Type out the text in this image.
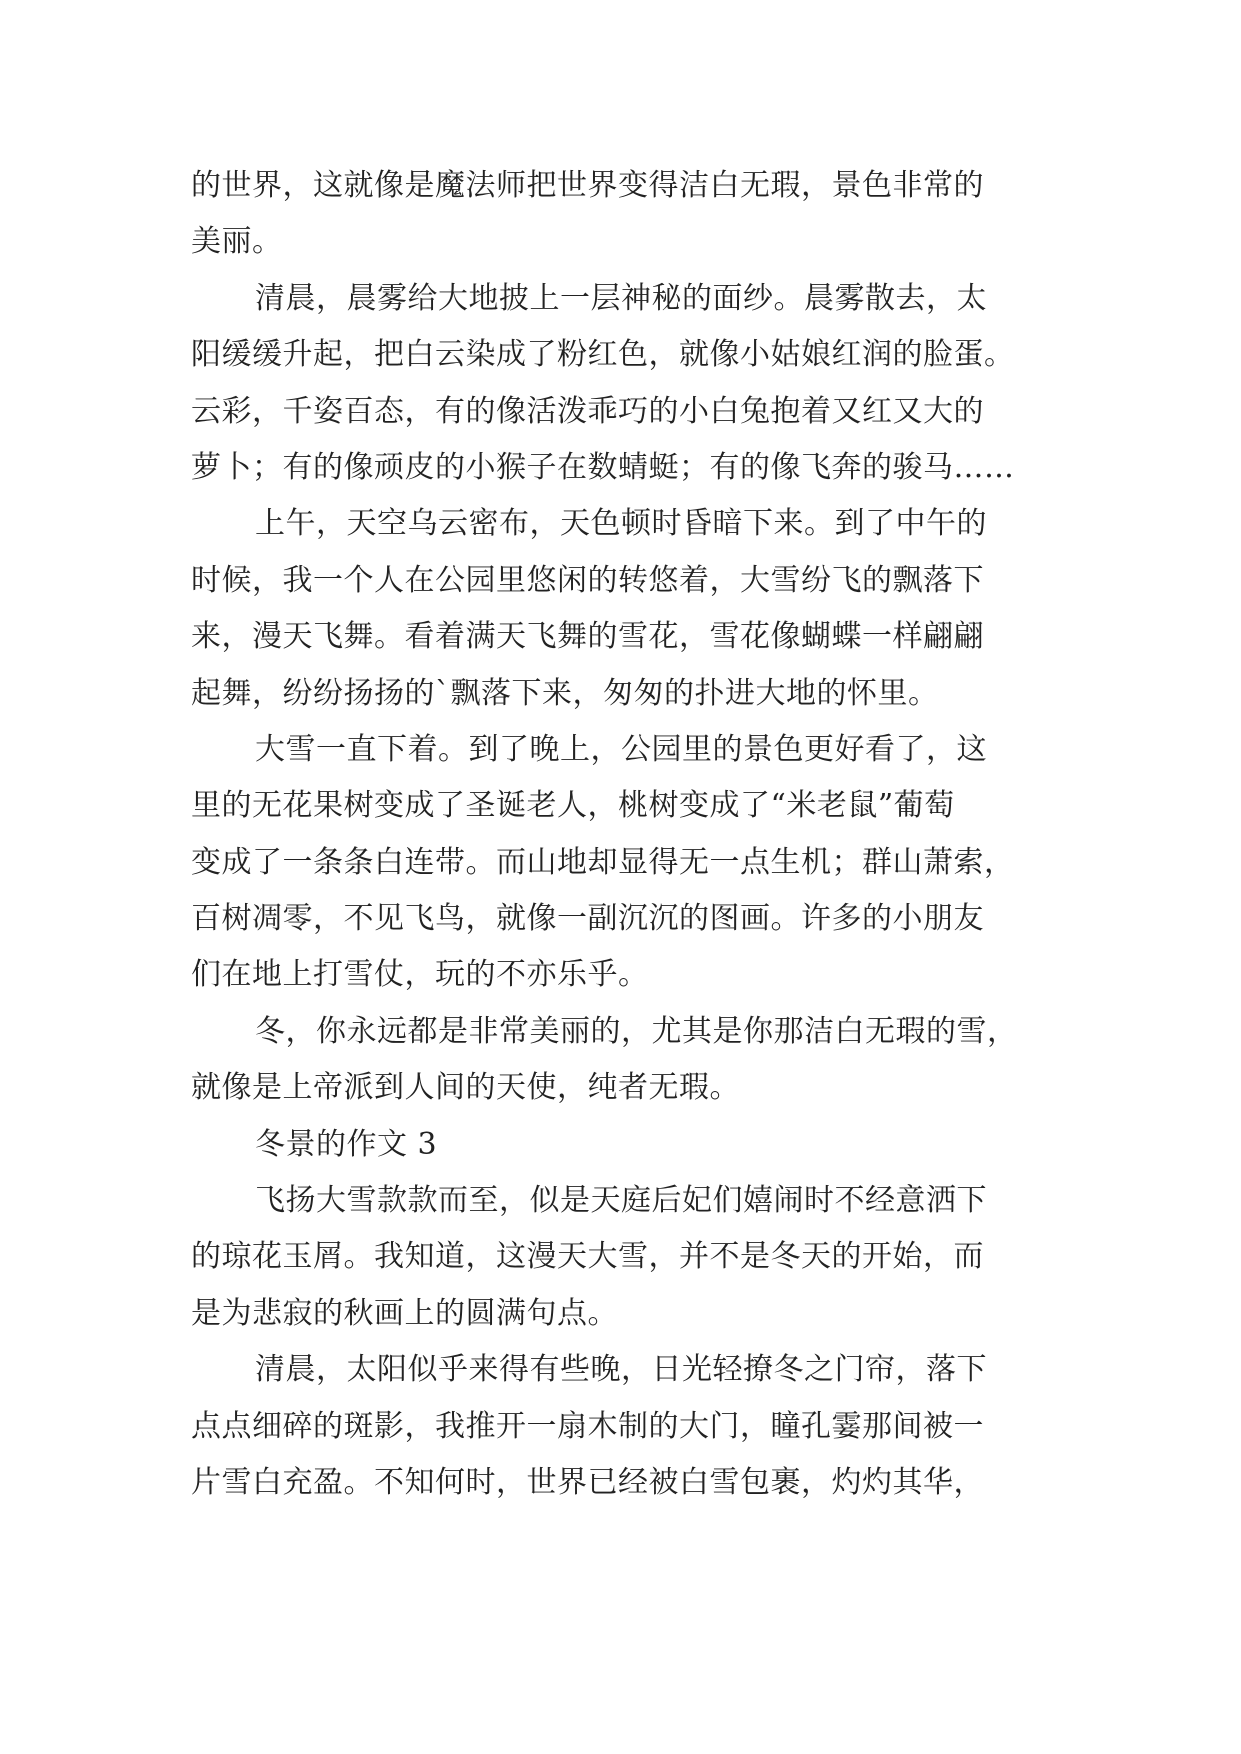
的世界，这就像是魔法师把世界变得洁白无瑕，景色非常的
美丽。
清晨，晨雾给大地披上一层神秘的面纱。晨雾散去，太
阳缓缓升起，把白云染成了粉红色，就像小姑娘红润的脸蛋。
云彩，千姿百态，有的像活泼乖巧的小白兔抱着又红又大的
萝卜；有的像顽皮的小猴子在数蜻蜓；有的像飞奔的骏马……
上午，天空乌云密布，天色顿时昏暗下来。到了中午的
时候，我一个人在公园里悠闲的转悠着，大雪纷飞的飘落下
来，漫天飞舞。看着满天飞舞的雪花，雪花像蝴蝶一样翩翩
起舞，纷纷扬扬的`飘落下来，匆匆的扑进大地的怀里。
大雪一直下着。到了晚上，公园里的景色更好看了，这
里的无花果树变成了圣诞老人，桃树变成了“米老鼠”葡萄
变成了一条条白连带。而山地却显得无一点生机；群山萧索，
百树凋零，不见飞鸟，就像一副沉沉的图画。许多的小朋友
们在地上打雪仗，玩的不亦乐乎。
冬，你永远都是非常美丽的，尤其是你那洁白无瑕的雪，
就像是上帝派到人间的天使，纯者无瑕。
冬景的作文 3
飞扬大雪款款而至，似是天庭后妃们嬉闹时不经意洒下
的琼花玉屑。我知道，这漫天大雪，并不是冬天的开始，而
是为悲寂的秋画上的圆满句点。
清晨，太阳似乎来得有些晚，日光轻撩冬之门帘，落下
点点细碎的斑影，我推开一扇木制的大门，瞳孔霎那间被一
片雪白充盈。不知何时，世界已经被白雪包裹，灼灼其华，
